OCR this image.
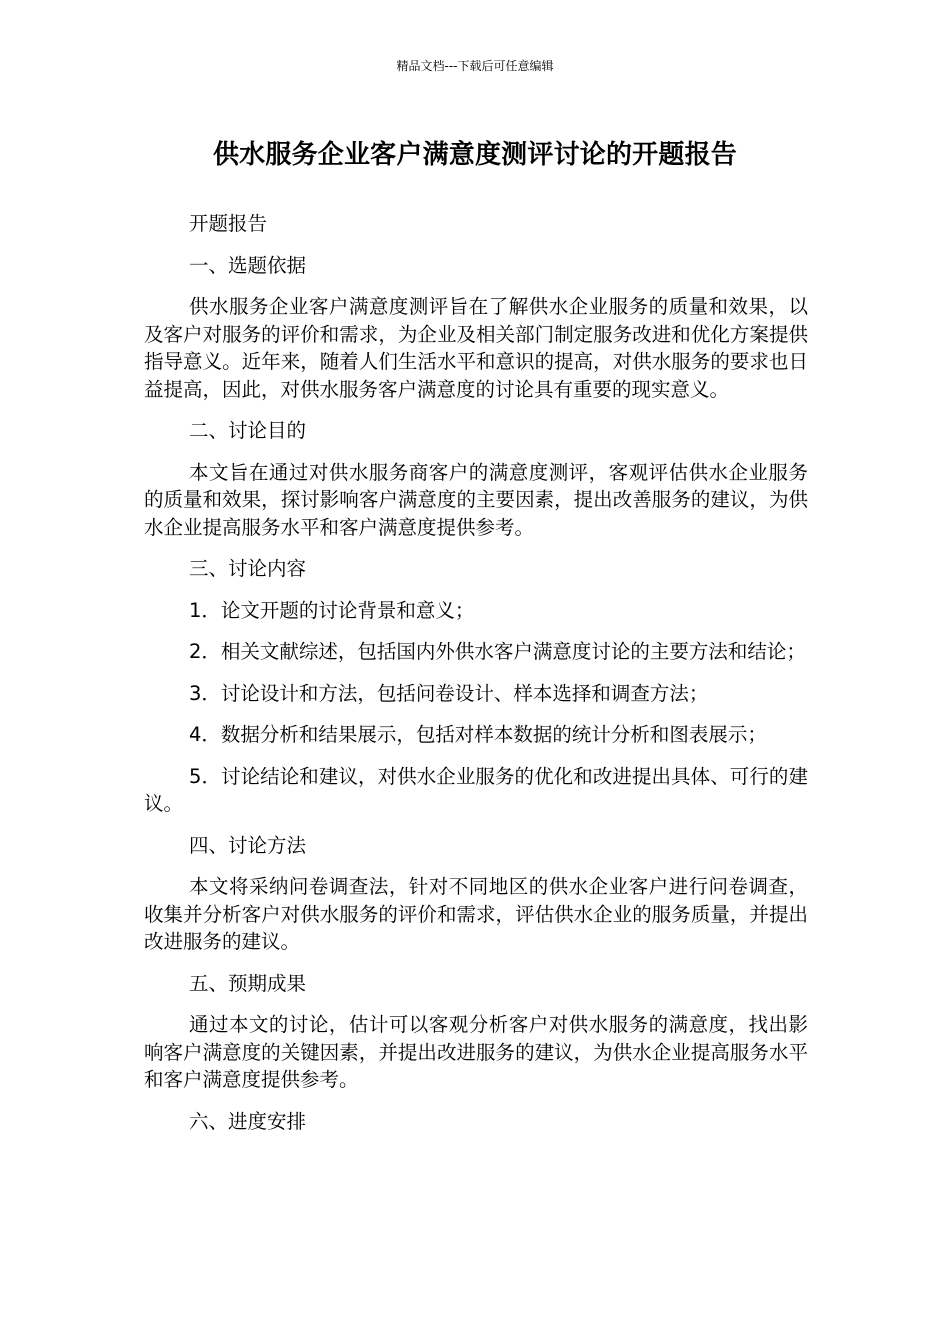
精品文档---下载后可任意编辑
供水服务企业客户满意度测评讨论的开题报告

开题报告

一、选题依据

供水服务企业客户满意度测评旨在了解供水企业服务的质量和效果，以及客户对服务的评价和需求，为企业及相关部门制定服务改进和优化方案提供指导意义。近年来，随着人们生活水平和意识的提高，对供水服务的要求也日益提高，因此，对供水服务客户满意度的讨论具有重要的现实意义。

二、讨论目的

本文旨在通过对供水服务商客户的满意度测评，客观评估供水企业服务的质量和效果，探讨影响客户满意度的主要因素，提出改善服务的建议，为供水企业提高服务水平和客户满意度提供参考。

三、讨论内容

1．论文开题的讨论背景和意义；

2．相关文献综述，包括国内外供水客户满意度讨论的主要方法和结论；

3．讨论设计和方法，包括问卷设计、样本选择和调查方法；

4．数据分析和结果展示，包括对样本数据的统计分析和图表展示；

5．讨论结论和建议，对供水企业服务的优化和改进提出具体、可行的建议。

四、讨论方法

本文将采纳问卷调查法，针对不同地区的供水企业客户进行问卷调查，收集并分析客户对供水服务的评价和需求，评估供水企业的服务质量，并提出改进服务的建议。

五、预期成果

通过本文的讨论，估计可以客观分析客户对供水服务的满意度，找出影响客户满意度的关键因素，并提出改进服务的建议，为供水企业提高服务水平和客户满意度提供参考。

六、进度安排
